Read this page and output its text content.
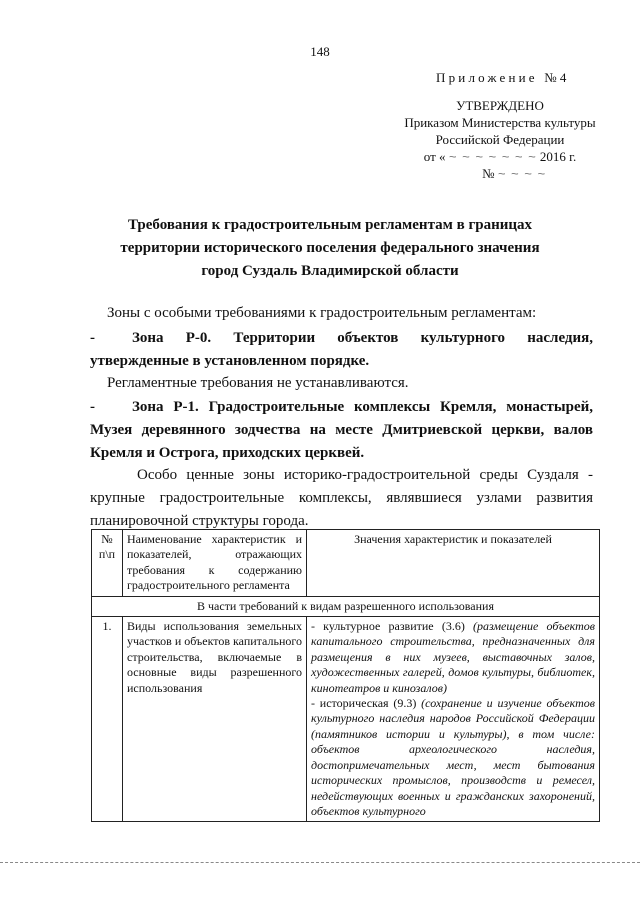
148
Приложение №4
УТВЕРЖДЕНО
Приказом Министерства культуры
Российской Федерации
от « ~ ~ ~ ~ ~ ~ ~ 2016 г.
№ ~ ~ ~ ~
Требования к градостроительным регламентам в границах территории исторического поселения федерального значения город Суздаль Владимирской области
Зоны с особыми требованиями к градостроительным регламентам:
- Зона Р-0. Территории объектов культурного наследия, утвержденные в установленном порядке.
Регламентные требования не устанавливаются.
- Зона Р-1. Градостроительные комплексы Кремля, монастырей, Музея деревянного зодчества на месте Дмитриевской церкви, валов Кремля и Острога, приходских церквей.
Особо ценные зоны историко-градостроительной среды Суздаля - крупные градостроительные комплексы, являвшиеся узлами развития планировочной структуры города.
№ п\п	Наименование характеристик и показателей, отражающих требования к содержанию градостроительного регламента	Значения характеристик и показателей
В части требований к видам разрешенного использования		
1.	Виды использования земельных участков и объектов капитального строительства, включаемые в основные виды разрешенного использования	- культурное развитие (3.6) (размещение объектов капитального строительства, предназначенных для размещения в них музеев, выставочных залов, художественных галерей, домов культуры, библиотек, кинотеатров и кинозалов)
- историческая (9.3) (сохранение и изучение объектов культурного наследия народов Российской Федерации (памятников истории и культуры), в том числе: объектов археологического наследия, достопримечательных мест, мест бытования исторических промыслов, производств и ремесел, недействующих военных и гражданских захоронений, объектов культурного
